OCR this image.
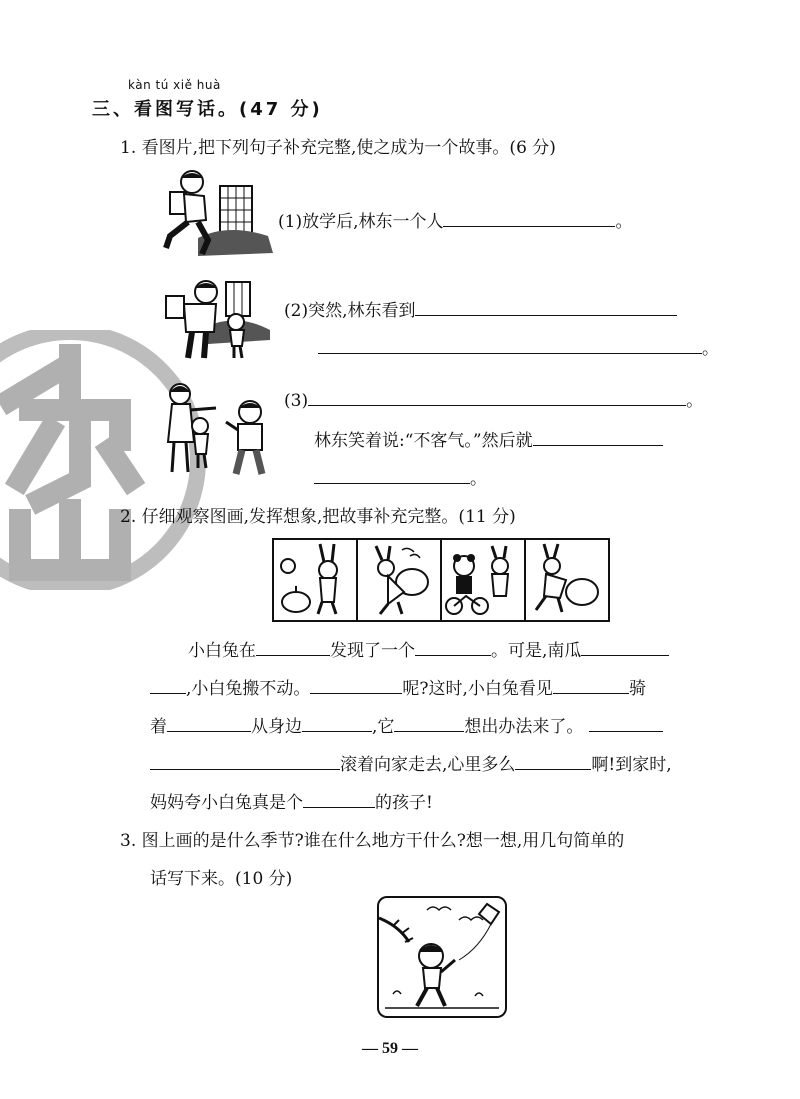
kàn tú xiě huà
三、看图写话。(47 分)
1. 看图片,把下列句子补充完整,使之成为一个故事。(6 分)
(1)放学后,林东一个人	。
(2)突然,林东看到
。
(3)	。
林东笑着说:“不客气。”然后就
。
2. 仔细观察图画,发挥想象,把故事补充完整。(11 分)
小白兔在	发现了一个	。可是,南瓜
,小白兔搬不动。	呢?这时,小白兔看见	骑
着	从身边	,它	想出办法来了。
滚着向家走去,心里多么	啊!到家时,
妈妈夸小白兔真是个	的孩子!
3. 图上画的是什么季节?谁在什么地方干什么?想一想,用几句简单的
话写下来。(10 分)
— 59 —
